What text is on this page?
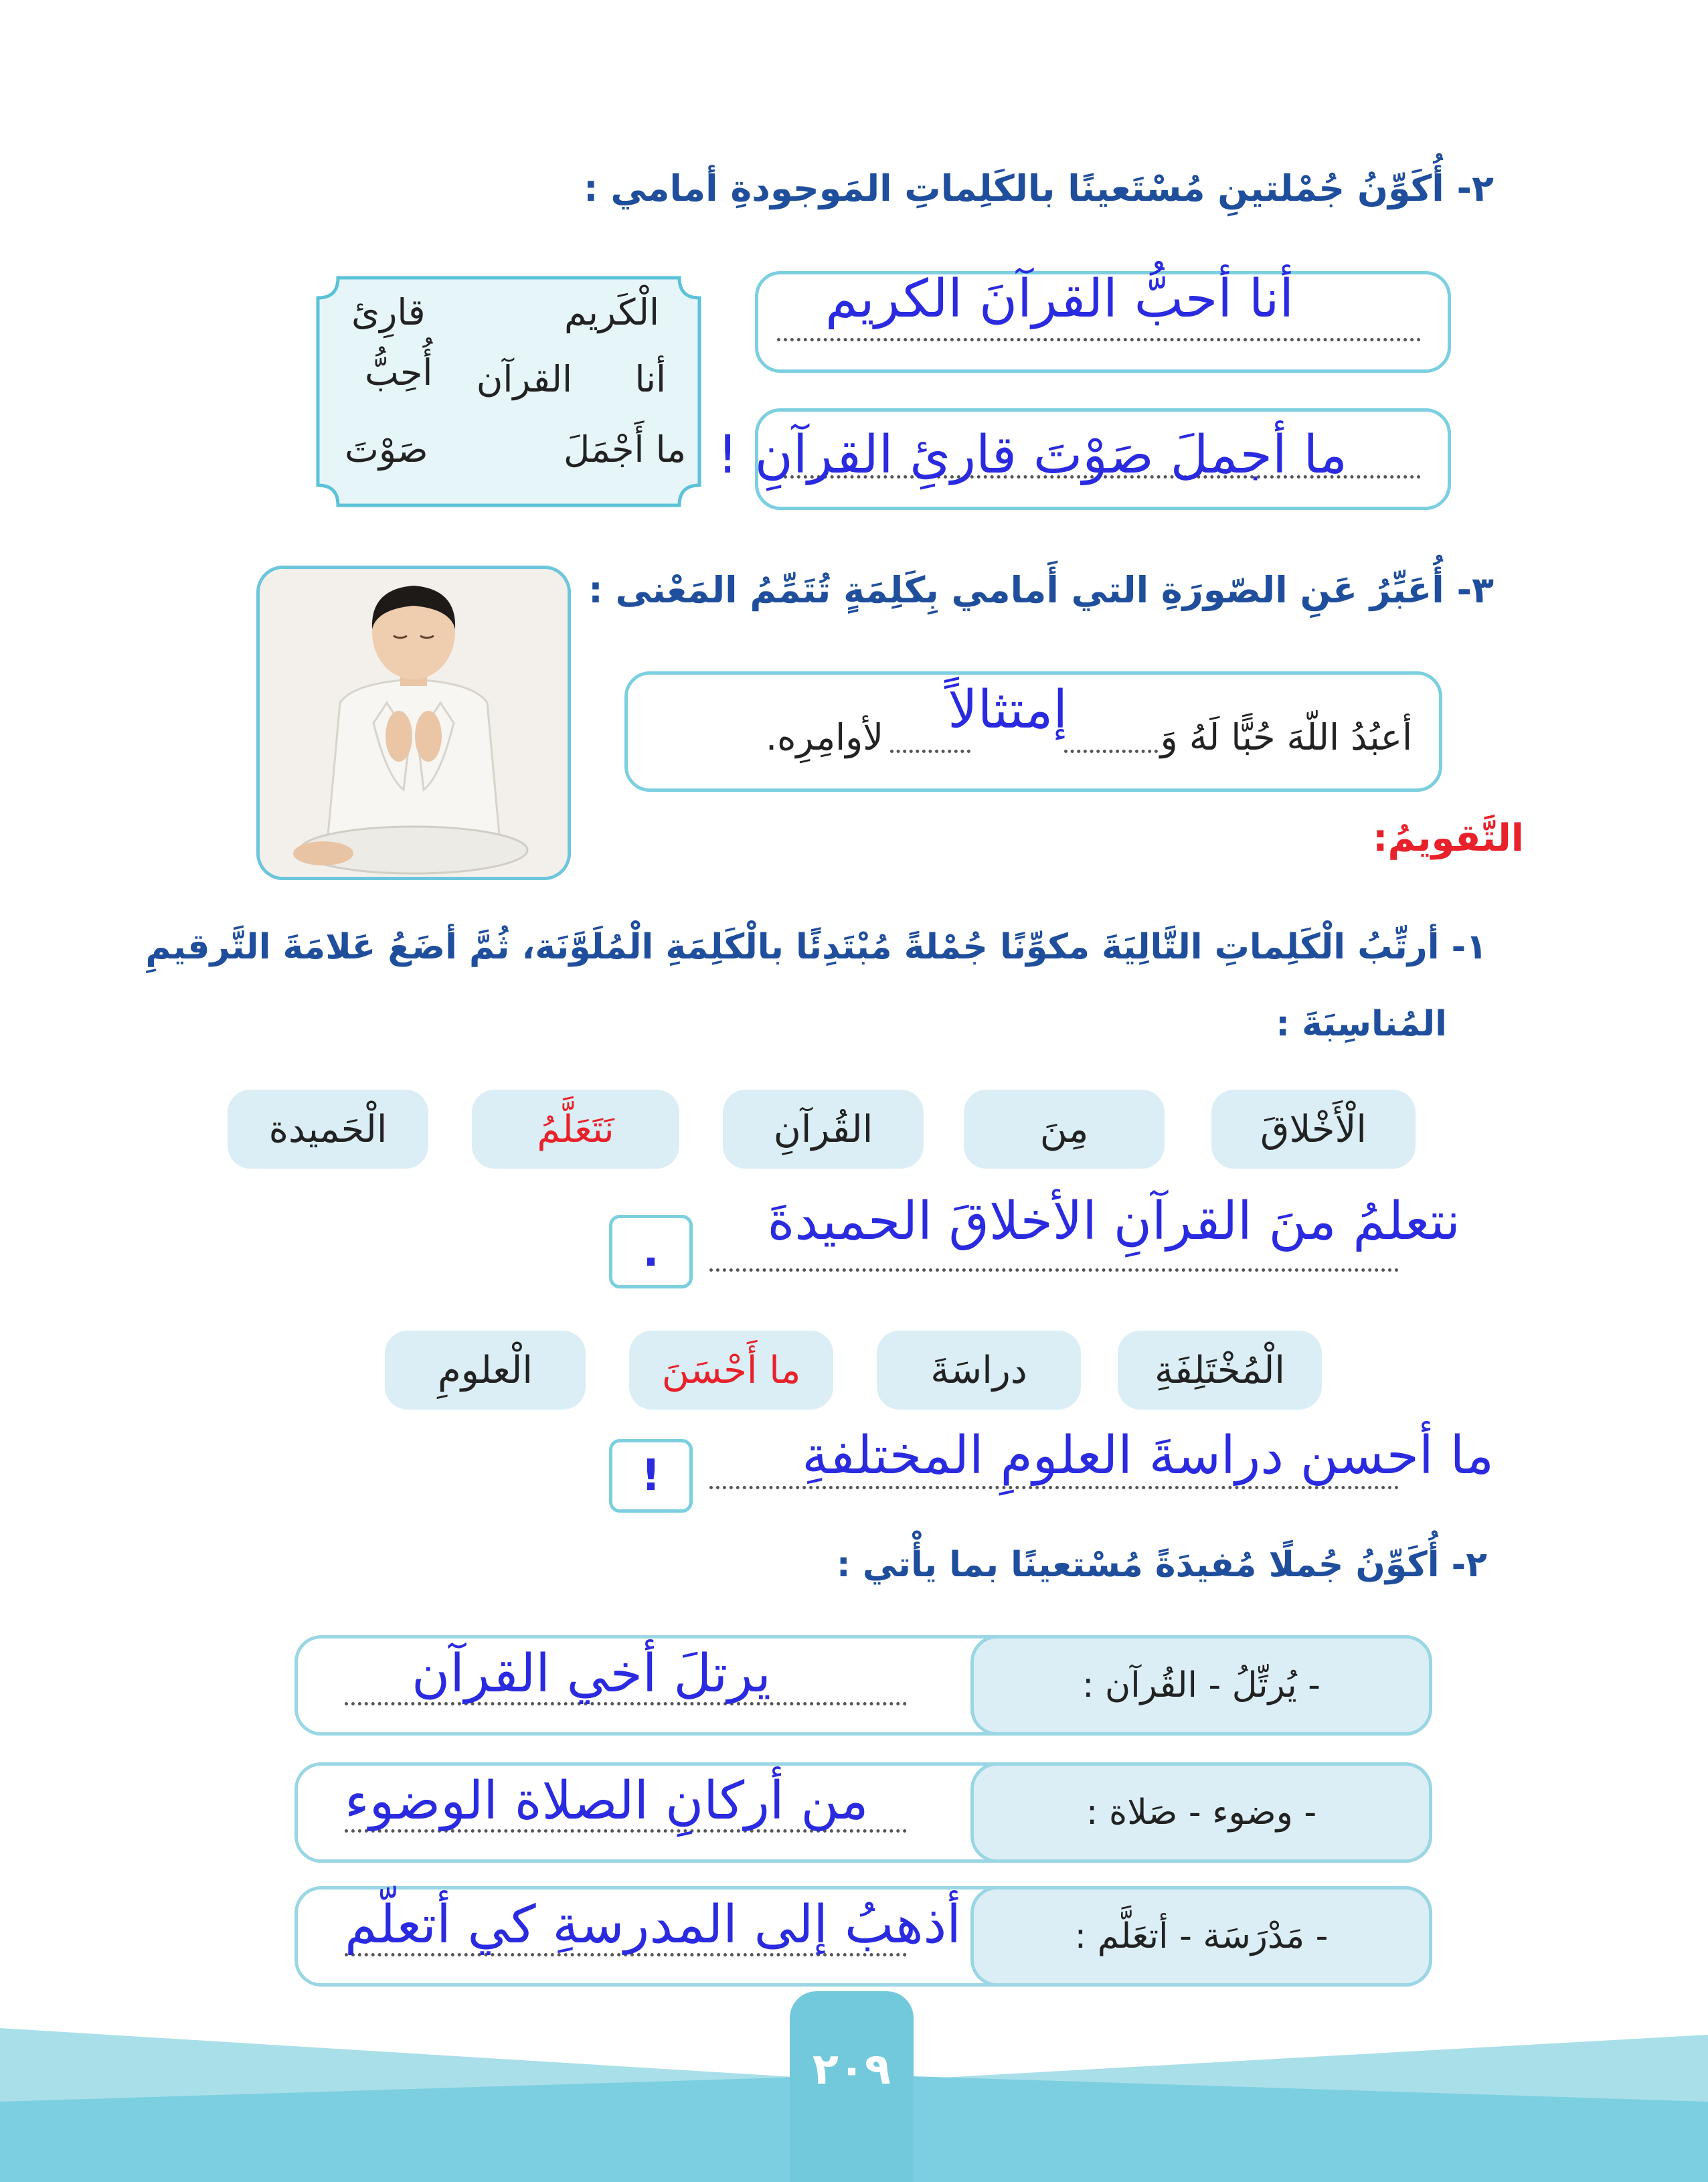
٢- أُكَوِّنُ جُمْلتينِ مُسْتَعينًا بالكَلِماتِ المَوجودةِ أمامي :
الْكَريم
قارِئ
أنا
القرآن
أُحِبُّ
ما أَجْمَلَ
صَوْتَ
أنا أحبُّ القرآنَ الكريم
ما أجملَ صَوْتَ قارئِ القرآنِ !
٣- أُعَبِّرُ عَنِ الصّورَةِ التي أَمامي بِكَلِمَةٍ تُتَمِّمُ المَعْنى :
أعبُدُ اللّهَ حُبًّا لَهُ وَ
إمتثالاً
لأوامِرِه.
التَّقويمُ:
١- أرتِّبُ الْكَلِماتِ التَّالِيَةَ مكوِّنًا جُمْلةً مُبْتَدِئًا بالْكَلِمَةِ الْمُلَوَّنَة، ثُمَّ أضَعُ عَلامَةَ التَّرقيمِ
المُناسِبَةَ :
الْأَخْلاقَ
مِنَ
القُرآنِ
نَتَعَلَّمُ
الْحَميدة
نتعلمُ منَ القرآنِ الأخلاقَ الحميدةَ
.
الْمُخْتَلِفَةِ
دراسَةَ
ما أَحْسَنَ
الْعلومِ
ما أحسن دراسةَ العلومِ المختلفةِ
!
٢- أُكَوِّنُ جُملًا مُفيدَةً مُسْتعينًا بما يأْتي :
يرتلَ أخي القرآن	- يُرتِّلُ - القُرآن :
من أركانِ الصلاة الوضوء	- وضوء - صَلاة :
أذهبُ إلى المدرسةِ كي أتعلّم	- مَدْرَسَة - أتعَلَّم :
٢٠٩
